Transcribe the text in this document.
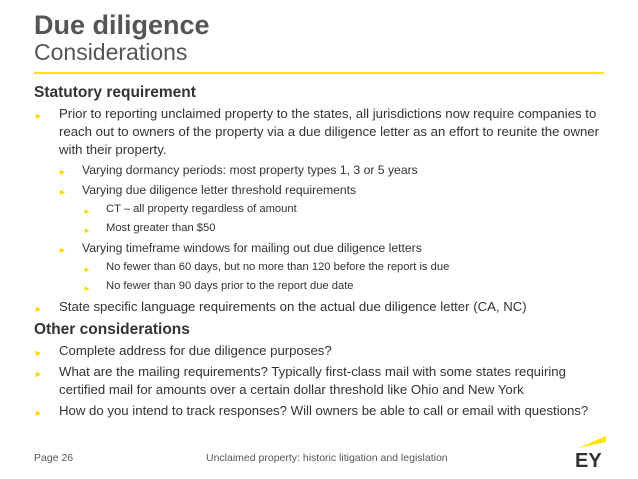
Due diligence
Considerations
Statutory requirement
► Prior to reporting unclaimed property to the states, all jurisdictions now require companies to reach out to owners of the property via a due diligence letter as an effort to reunite the owner with their property.
► Varying dormancy periods: most property types 1, 3 or 5 years
► Varying due diligence letter threshold requirements
► CT – all property regardless of amount
► Most greater than $50
► Varying timeframe windows for mailing out due diligence letters
► No fewer than 60 days, but no more than 120 before the report is due
► No fewer than 90 days prior to the report due date
► State specific language requirements on the actual due diligence letter (CA, NC)
Other considerations
► Complete address for due diligence purposes?
► What are the mailing requirements? Typically first-class mail with some states requiring certified mail for amounts over a certain dollar threshold like Ohio and New York
► How do you intend to track responses? Will owners be able to call or email with questions?
Page 26	Unclaimed property: historic litigation and legislation	EY
